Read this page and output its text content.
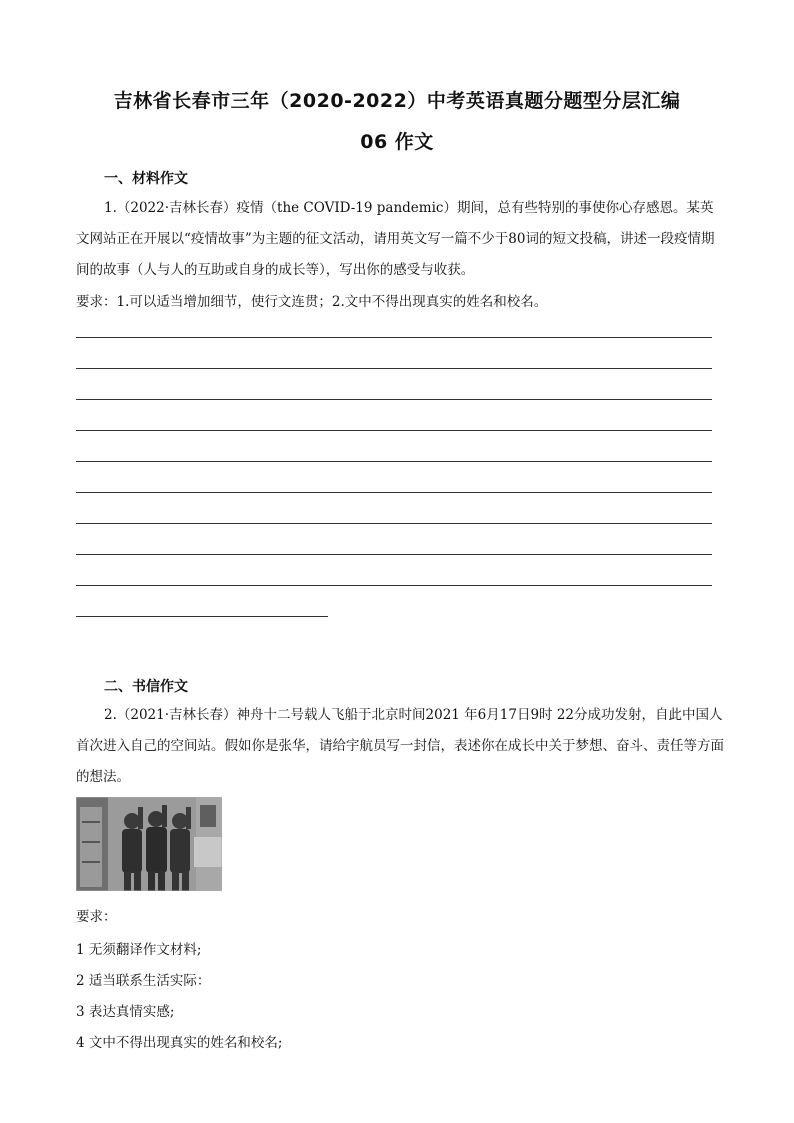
吉林省长春市三年（2020-2022）中考英语真题分题型分层汇编
06 作文
一、材料作文
1.（2022·吉林长春）疫情（the COVID-19 pandemic）期间，总有些特别的事使你心存感恩。某英文网站正在开展以“疫情故事”为主题的征文活动，请用英文写一篇不少于80词的短文投稿，讲述一段疫情期间的故事（人与人的互助或自身的成长等），写出你的感受与收获。
要求：1.可以适当增加细节，使行文连贯；2.文中不得出现真实的姓名和校名。
二、书信作文
2.（2021·吉林长春）神舟十二号载人飞船于北京时间2021 年6月17日9时 22分成功发射，自此中国人首次进入自己的空间站。假如你是张华，请给宇航员写一封信，表述你在成长中关于梦想、奋斗、责任等方面的想法。
要求：
1 无须翻译作文材料;
2 适当联系生活实际：
3 表达真情实感;
4 文中不得出现真实的姓名和校名;
